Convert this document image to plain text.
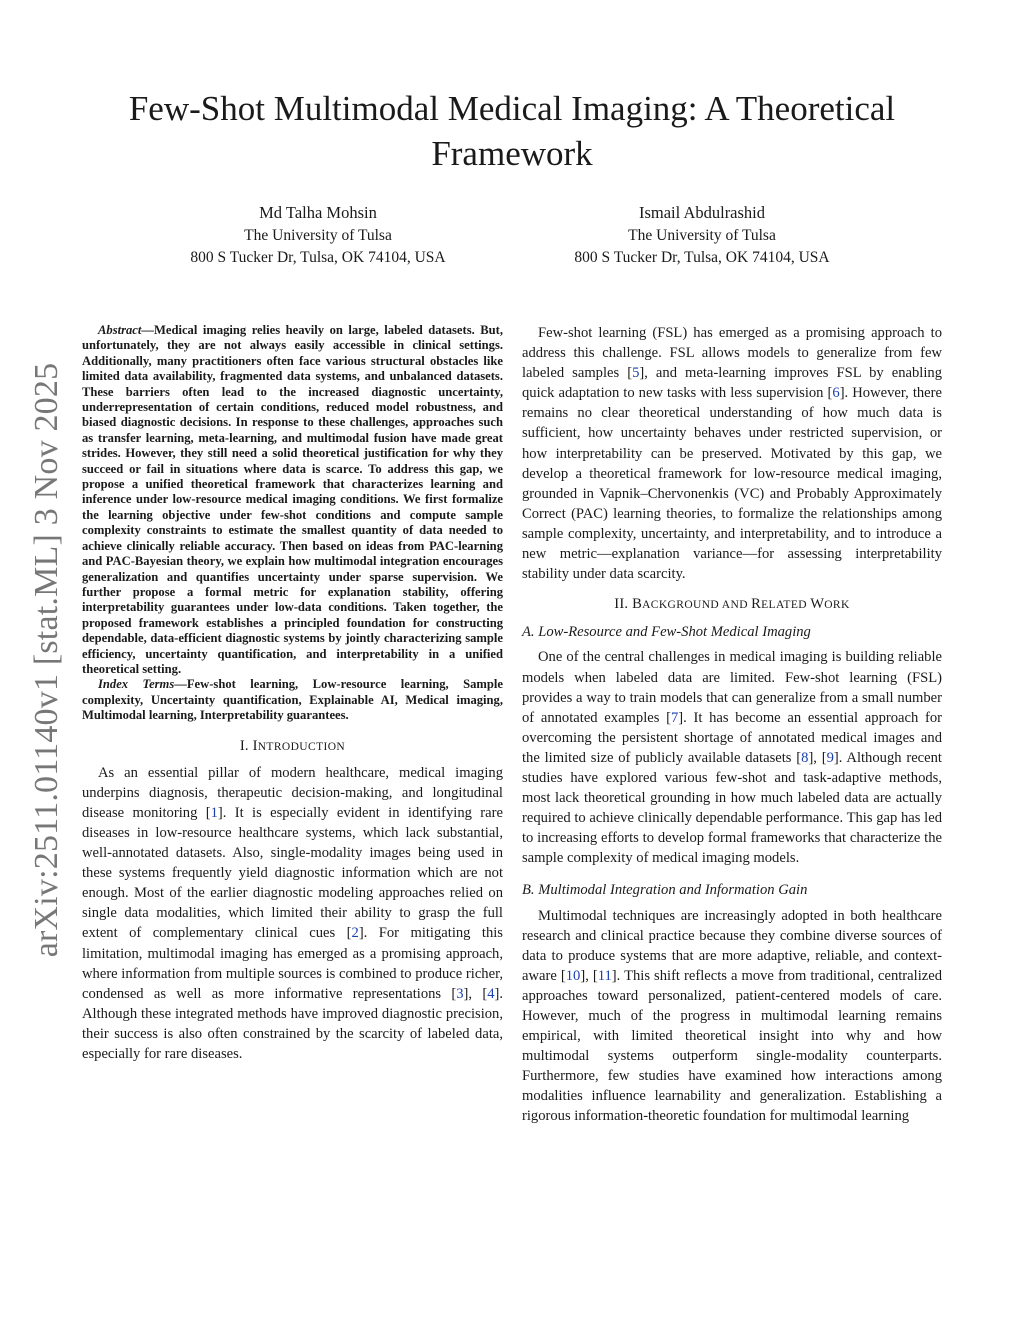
arXiv:2511.01140v1 [stat.ML] 3 Nov 2025
Few-Shot Multimodal Medical Imaging: A Theoretical Framework
Md Talha Mohsin
The University of Tulsa
800 S Tucker Dr, Tulsa, OK 74104, USA
Ismail Abdulrashid
The University of Tulsa
800 S Tucker Dr, Tulsa, OK 74104, USA

Abstract—Medical imaging relies heavily on large, labeled datasets. But, unfortunately, they are not always easily accessible in clinical settings. Additionally, many practitioners often face various structural obstacles like limited data availability, fragmented data systems, and unbalanced datasets. These barriers often lead to the increased diagnostic uncertainty, underrepresentation of certain conditions, reduced model robustness, and biased diagnostic decisions. In response to these challenges, approaches such as transfer learning, meta-learning, and multimodal fusion have made great strides. However, they still need a solid theoretical justification for why they succeed or fail in situations where data is scarce. To address this gap, we propose a unified theoretical framework that characterizes learning and inference under low-resource medical imaging conditions. We first formalize the learning objective under few-shot conditions and compute sample complexity constraints to estimate the smallest quantity of data needed to achieve clinically reliable accuracy. Then based on ideas from PAC-learning and PAC-Bayesian theory, we explain how multimodal integration encourages generalization and quantifies uncertainty under sparse supervision. We further propose a formal metric for explanation stability, offering interpretability guarantees under low-data conditions. Taken together, the proposed framework establishes a principled foundation for constructing dependable, data-efficient diagnostic systems by jointly characterizing sample efficiency, uncertainty quantification, and interpretability in a unified theoretical setting.

Index Terms—Few-shot learning, Low-resource learning, Sample complexity, Uncertainty quantification, Explainable AI, Medical imaging, Multimodal learning, Interpretability guarantees.

I. INTRODUCTION

As an essential pillar of modern healthcare, medical imaging underpins diagnosis, therapeutic decision-making, and longitudinal disease monitoring [1]. It is especially evident in identifying rare diseases in low-resource healthcare systems, which lack substantial, well-annotated datasets. Also, single-modality images being used in these systems frequently yield diagnostic information which are not enough. Most of the earlier diagnostic modeling approaches relied on single data modalities, which limited their ability to grasp the full extent of complementary clinical cues [2]. For mitigating this limitation, multimodal imaging has emerged as a promising approach, where information from multiple sources is combined to produce richer, condensed as well as more informative representations [3], [4]. Although these integrated methods have improved diagnostic precision, their success is also often constrained by the scarcity of labeled data, especially for rare diseases.

Few-shot learning (FSL) has emerged as a promising approach to address this challenge. FSL allows models to generalize from few labeled samples [5], and meta-learning improves FSL by enabling quick adaptation to new tasks with less supervision [6]. However, there remains no clear theoretical understanding of how much data is sufficient, how uncertainty behaves under restricted supervision, or how interpretability can be preserved. Motivated by this gap, we develop a theoretical framework for low-resource medical imaging, grounded in Vapnik–Chervonenkis (VC) and Probably Approximately Correct (PAC) learning theories, to formalize the relationships among sample complexity, uncertainty, and interpretability, and to introduce a new metric—explanation variance—for assessing interpretability stability under data scarcity.

II. BACKGROUND AND RELATED WORK
A. Low-Resource and Few-Shot Medical Imaging

One of the central challenges in medical imaging is building reliable models when labeled data are limited. Few-shot learning (FSL) provides a way to train models that can generalize from a small number of annotated examples [7]. It has become an essential approach for overcoming the persistent shortage of annotated medical images and the limited size of publicly available datasets [8], [9]. Although recent studies have explored various few-shot and task-adaptive methods, most lack theoretical grounding in how much labeled data are actually required to achieve clinically dependable performance. This gap has led to increasing efforts to develop formal frameworks that characterize the sample complexity of medical imaging models.

B. Multimodal Integration and Information Gain

Multimodal techniques are increasingly adopted in both healthcare research and clinical practice because they combine diverse sources of data to produce systems that are more adaptive, reliable, and context-aware [10], [11]. This shift reflects a move from traditional, centralized approaches toward personalized, patient-centered models of care. However, much of the progress in multimodal learning remains empirical, with limited theoretical insight into why and how multimodal systems outperform single-modality counterparts. Furthermore, few studies have examined how interactions among modalities influence learnability and generalization. Establishing a rigorous information-theoretic foundation for multimodal learning
